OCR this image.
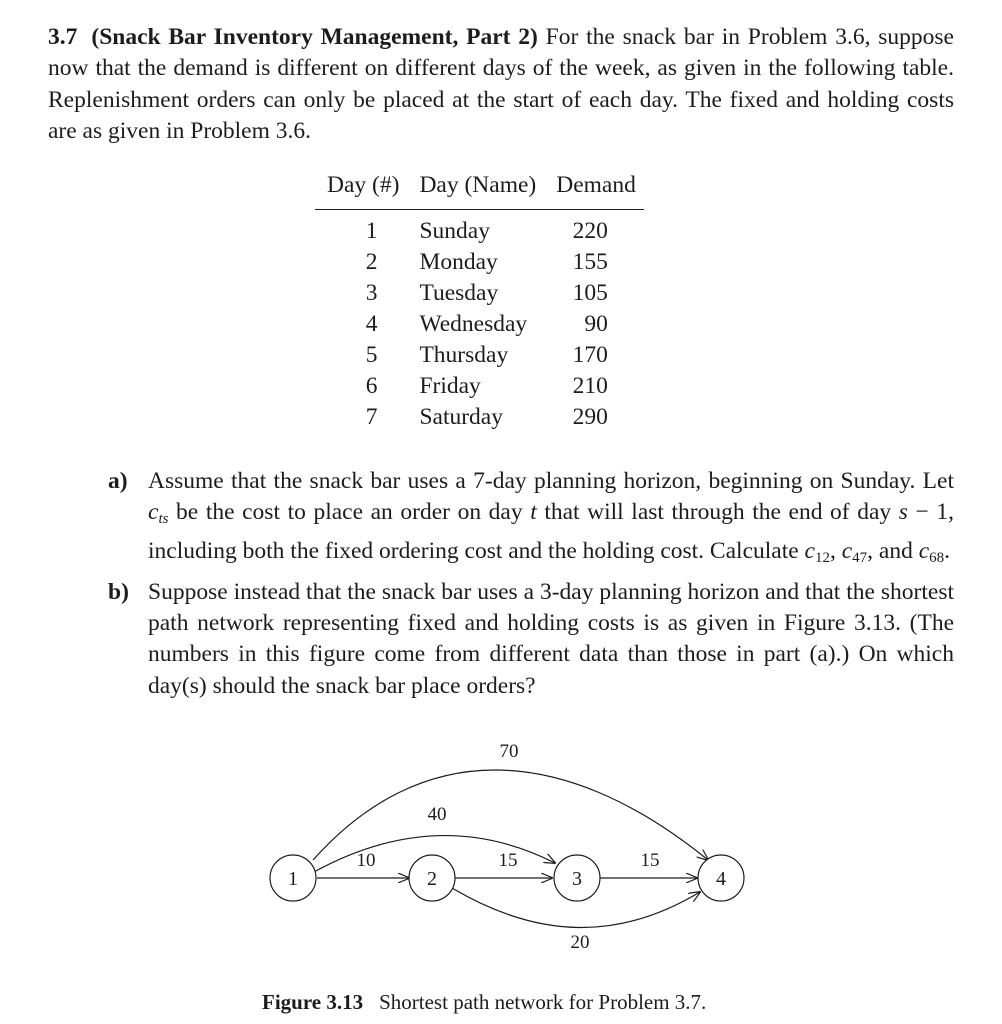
3.7 (Snack Bar Inventory Management, Part 2) For the snack bar in Problem 3.6, suppose now that the demand is different on different days of the week, as given in the following table. Replenishment orders can only be placed at the start of each day. The fixed and holding costs are as given in Problem 3.6.
Day (#)	Day (Name)	Demand
1	Sunday	220
2	Monday	155
3	Tuesday	105
4	Wednesday	90
5	Thursday	170
6	Friday	210
7	Saturday	290
a) Assume that the snack bar uses a 7-day planning horizon, beginning on Sunday. Let $c_{ts}$ be the cost to place an order on day t that will last through the end of day s − 1, including both the fixed ordering cost and the holding cost. Calculate c12, c47, and c68.
b) Suppose instead that the snack bar uses a 3-day planning horizon and that the shortest path network representing fixed and holding costs is as given in Figure 3.13. (The numbers in this figure come from different data than those in part (a).) On which day(s) should the snack bar place orders?
1	2	3	4
10	15	15
40
70
20
Figure 3.13 Shortest path network for Problem 3.7.
